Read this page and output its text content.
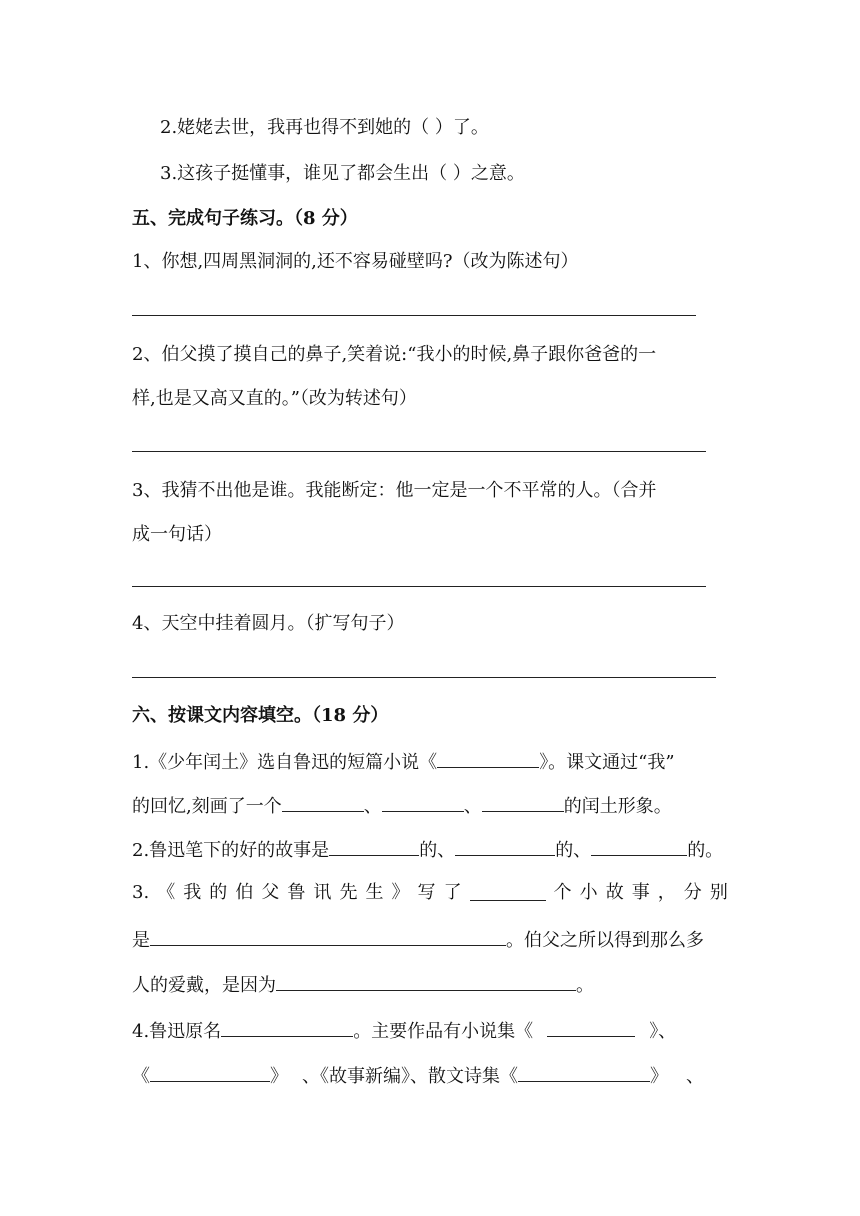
2.姥姥去世，我再也得不到她的（ ）了。
3.这孩子挺懂事，谁见了都会生出（ ）之意。
五、完成句子练习。（8 分）
1、你想,四周黑洞洞的,还不容易碰壁吗?（改为陈述句）
2、伯父摸了摸自己的鼻子,笑着说:“我小的时候,鼻子跟你爸爸的一
样,也是又高又直的。”（改为转述句）
3、我猜不出他是谁。我能断定：他一定是一个不平常的人。（合并
成一句话）
4、天空中挂着圆月。（扩写句子）
六、按课文内容填空。（18 分）
1.《少年闰土》选自鲁迅的短篇小说《	》。课文通过“我”
的回忆,刻画了一个	、	、	的闰土形象。
2.鲁迅笔下的好的故事是	的、	的、	的。
3. 《 我 的 伯 父 鲁 讯 先 生 》 写 了	个 小 故 事 ， 分 别
是	。伯父之所以得到那么多
人的爱戴，是因为	。
4.鲁迅原名	。主要作品有小说集《	》、
《	》 、《故事新编》、散文诗集《	》 、
